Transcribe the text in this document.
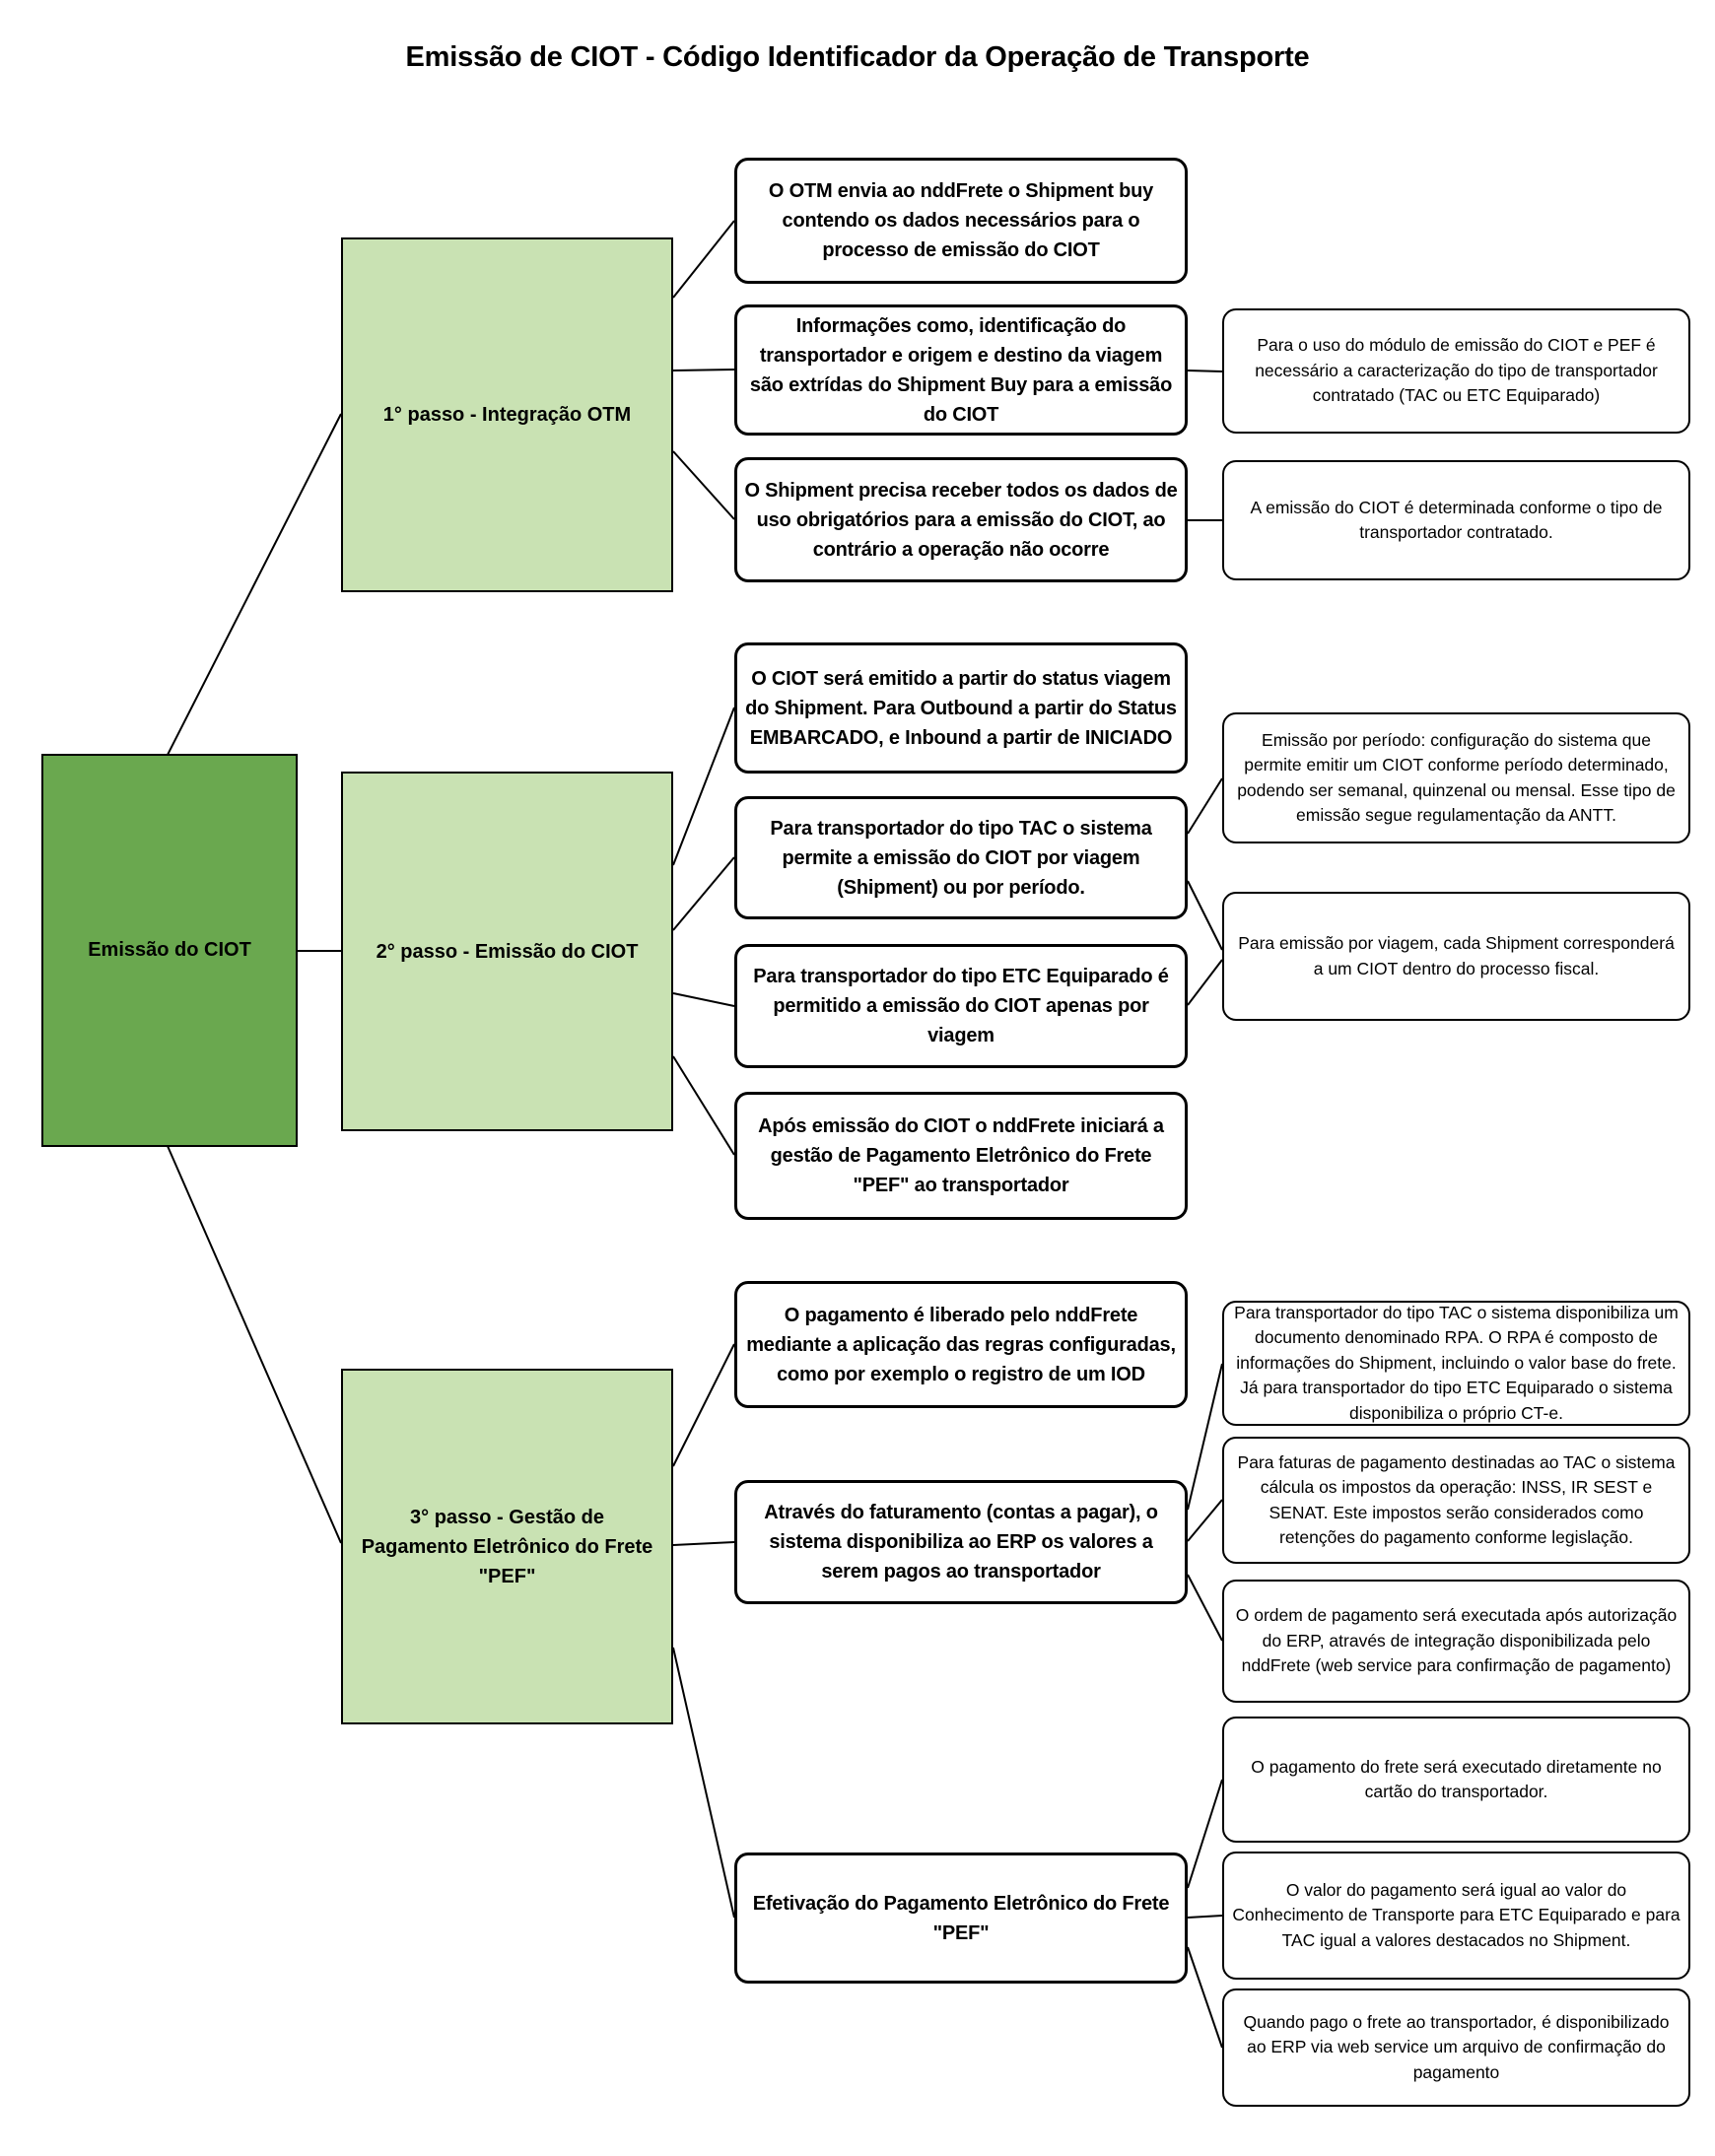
Emissão de CIOT - Código Identificador da Operação de Transporte
Emissão do CIOT
1° passo - Integração OTM
2° passo - Emissão do CIOT
3° passo - Gestão de Pagamento Eletrônico do Frete "PEF"
O OTM envia ao nddFrete o Shipment buy contendo os dados necessários para o processo de emissão do CIOT
Informações como, identificação do transportador e origem e destino da viagem são extrídas do Shipment Buy para a emissão do CIOT
O Shipment precisa receber todos os dados de uso obrigatórios para a emissão do CIOT, ao contrário a operação não ocorre
O CIOT será emitido a partir do status viagem do Shipment. Para Outbound a partir do Status EMBARCADO, e Inbound a partir de INICIADO
Para transportador do tipo TAC o sistema permite a emissão do CIOT por viagem (Shipment) ou por período.
Para transportador do tipo ETC Equiparado é permitido a emissão do CIOT apenas por viagem
Após emissão do CIOT o nddFrete iniciará a gestão de Pagamento Eletrônico do Frete "PEF" ao transportador
O pagamento é liberado pelo nddFrete mediante a aplicação das regras configuradas, como por exemplo o registro de um IOD
Através do faturamento (contas a pagar), o sistema disponibiliza ao ERP os valores a serem pagos ao transportador
Efetivação do Pagamento Eletrônico do Frete "PEF"
Para o uso do módulo de emissão do CIOT e PEF é necessário a caracterização do tipo de transportador contratado (TAC ou ETC Equiparado)
A emissão do CIOT é determinada conforme o tipo de transportador contratado.
Emissão por período: configuração do sistema que permite emitir um CIOT conforme período determinado, podendo ser semanal, quinzenal ou mensal. Esse tipo de emissão segue regulamentação da ANTT.
Para emissão por viagem, cada Shipment corresponderá a um CIOT dentro do processo fiscal.
Para transportador do tipo TAC o sistema disponibiliza um documento denominado RPA. O RPA é composto de informações do Shipment, incluindo o valor base do frete. Já para transportador do tipo ETC Equiparado o sistema disponibiliza o próprio CT-e.
Para faturas de pagamento destinadas ao TAC o sistema cálcula os impostos da operação: INSS, IR SEST e SENAT. Este impostos serão considerados como retenções do pagamento conforme legislação.
O ordem de pagamento será executada após autorização do ERP, através de integração disponibilizada pelo nddFrete (web service para confirmação de pagamento)
O pagamento do frete será executado diretamente no cartão do transportador.
O valor do pagamento será igual ao valor do Conhecimento de Transporte para ETC Equiparado e para TAC igual a valores destacados no Shipment.
Quando pago o frete ao transportador, é disponibilizado ao ERP via web service um arquivo de confirmação do pagamento
